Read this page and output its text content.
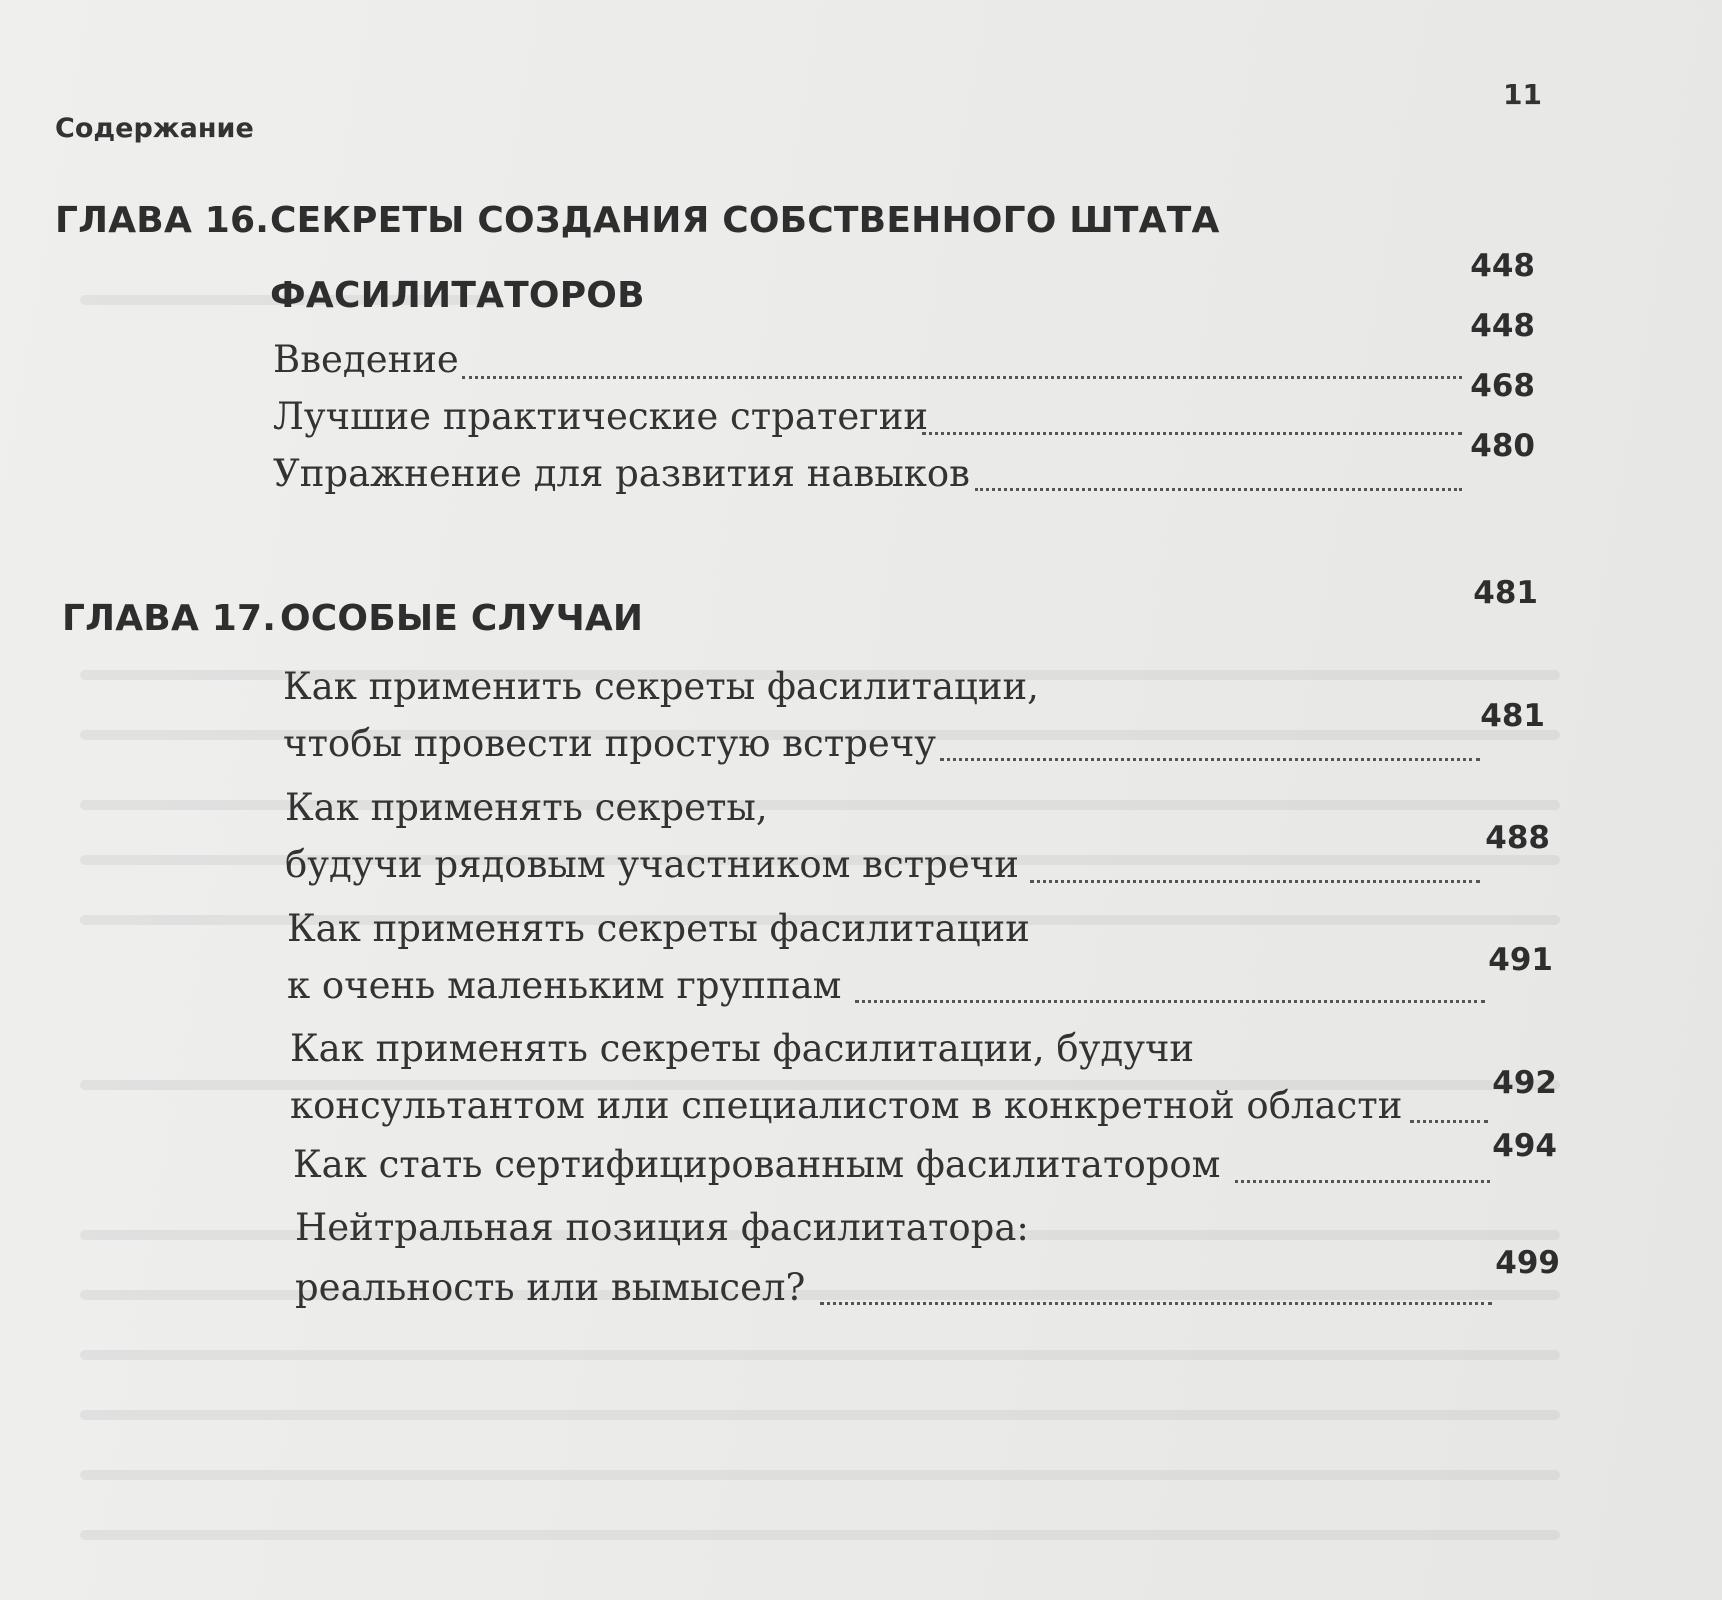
Содержание
11
ГЛАВА 16. СЕКРЕТЫ СОЗДАНИЯ СОБСТВЕННОГО ШТАТА
ФАСИЛИТАТОРОВ
448
Введение
448
Лучшие практические стратегии
468
Упражнение для развития навыков
480
ГЛАВА 17. ОСОБЫЕ СЛУЧАИ
481
Как применить секреты фасилитации,
чтобы провести простую встречу
481
Как применять секреты,
будучи рядовым участником встречи
488
Как применять секреты фасилитации
к очень маленьким группам
491
Как применять секреты фасилитации, будучи
консультантом или специалистом в конкретной области
492
Как стать сертифицированным фасилитатором	494
Нейтральная позиция фасилитатора:
реальность или вымысел?
499
